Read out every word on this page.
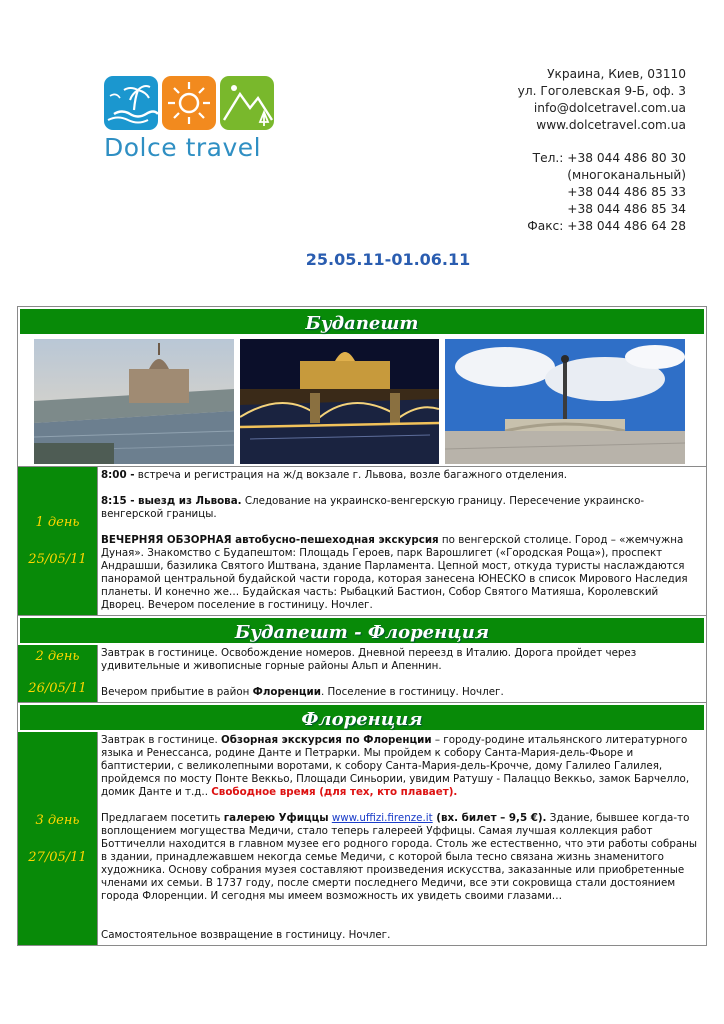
Dolce travel
Украина, Киев, 03110
ул. Гоголевская 9-Б, оф. 3
info@dolcetravel.com.ua
www.dolcetravel.com.ua
Тел.: +38 044 486 80 30
(многоканальный)
+38 044 486 85 33
+38 044 486 85 34
Факс: +38 044 486 64 28
25.05.11-01.06.11
Будапешт
1 день
25/05/11

8:00 - встреча и регистрация на ж/д вокзале г. Львова, возле багажного отделения.

8:15 - выезд из Львова. Следование на украинско-венгерскую границу. Пересечение украинско-венгерской границы.

ВЕЧЕРНЯЯ ОБЗОРНАЯ автобусно-пешеходная экскурсия по венгерской столице. Город – «жемчужна Дуная». Знакомство с Будапештом: Площадь Героев, парк Варошлигет («Городская Роща»), проспект Андрашши, базилика Святого Иштвана, здание Парламента. Цепной мост, откуда туристы наслаждаются панорамой центральной будайской части города, которая занесена ЮНЕСКО в список Мирового Наследия планеты. И конечно же… Будайская часть: Рыбацкий Бастион, Собор Святого Матияша, Королевский Дворец. Вечером поселение в гостиницу. Ночлег.

Будапешт - Флоренция
2 день
26/05/11

Завтрак в гостинице. Освобождение номеров. Дневной переезд в Италию. Дорога пройдет через удивительные и живописные горные районы Альп и Апеннин.

Вечером прибытие в район Флоренции. Поселение в гостиницу. Ночлег.

Флоренция
3 день
27/05/11

Завтрак в гостинице. Обзорная экскурсия по Флоренции – городу-родине итальянского литературного языка и Ренессанса, родине Данте и Петрарки. Мы пройдем к собору Санта-Мария-дель-Фьоре и баптистерии, с великолепными воротами, к собору Санта-Мария-дель-Крочче, дому Галилео Галилея, пройдемся по мосту Понте Веккьо, Площади Синьории, увидим Ратушу - Палаццо Веккьо, замок Барчелло, домик Данте и т.д.. Свободное время (для тех, кто плавает).

Предлагаем посетить галерею Уфиццы www.uffizi.firenze.it (вх. билет – 9,5 €). Здание, бывшее когда-то воплощением могущества Медичи, стало теперь галереей Уффицы. Самая лучшая коллекция работ Боттичелли находится в главном музее его родного города. Столь же естественно, что эти работы собраны в здании, принадлежавшем некогда семье Медичи, с которой была тесно связана жизнь знаменитого художника. Основу собрания музея составляют произведения искусства, заказанные или приобретенные членами их семьи. В 1737 году, после смерти последнего Медичи, все эти сокровища стали достоянием города Флоренции. И сегодня мы имеем возможность их увидеть своими глазами…

Самостоятельное возвращение в гостиницу. Ночлег.
